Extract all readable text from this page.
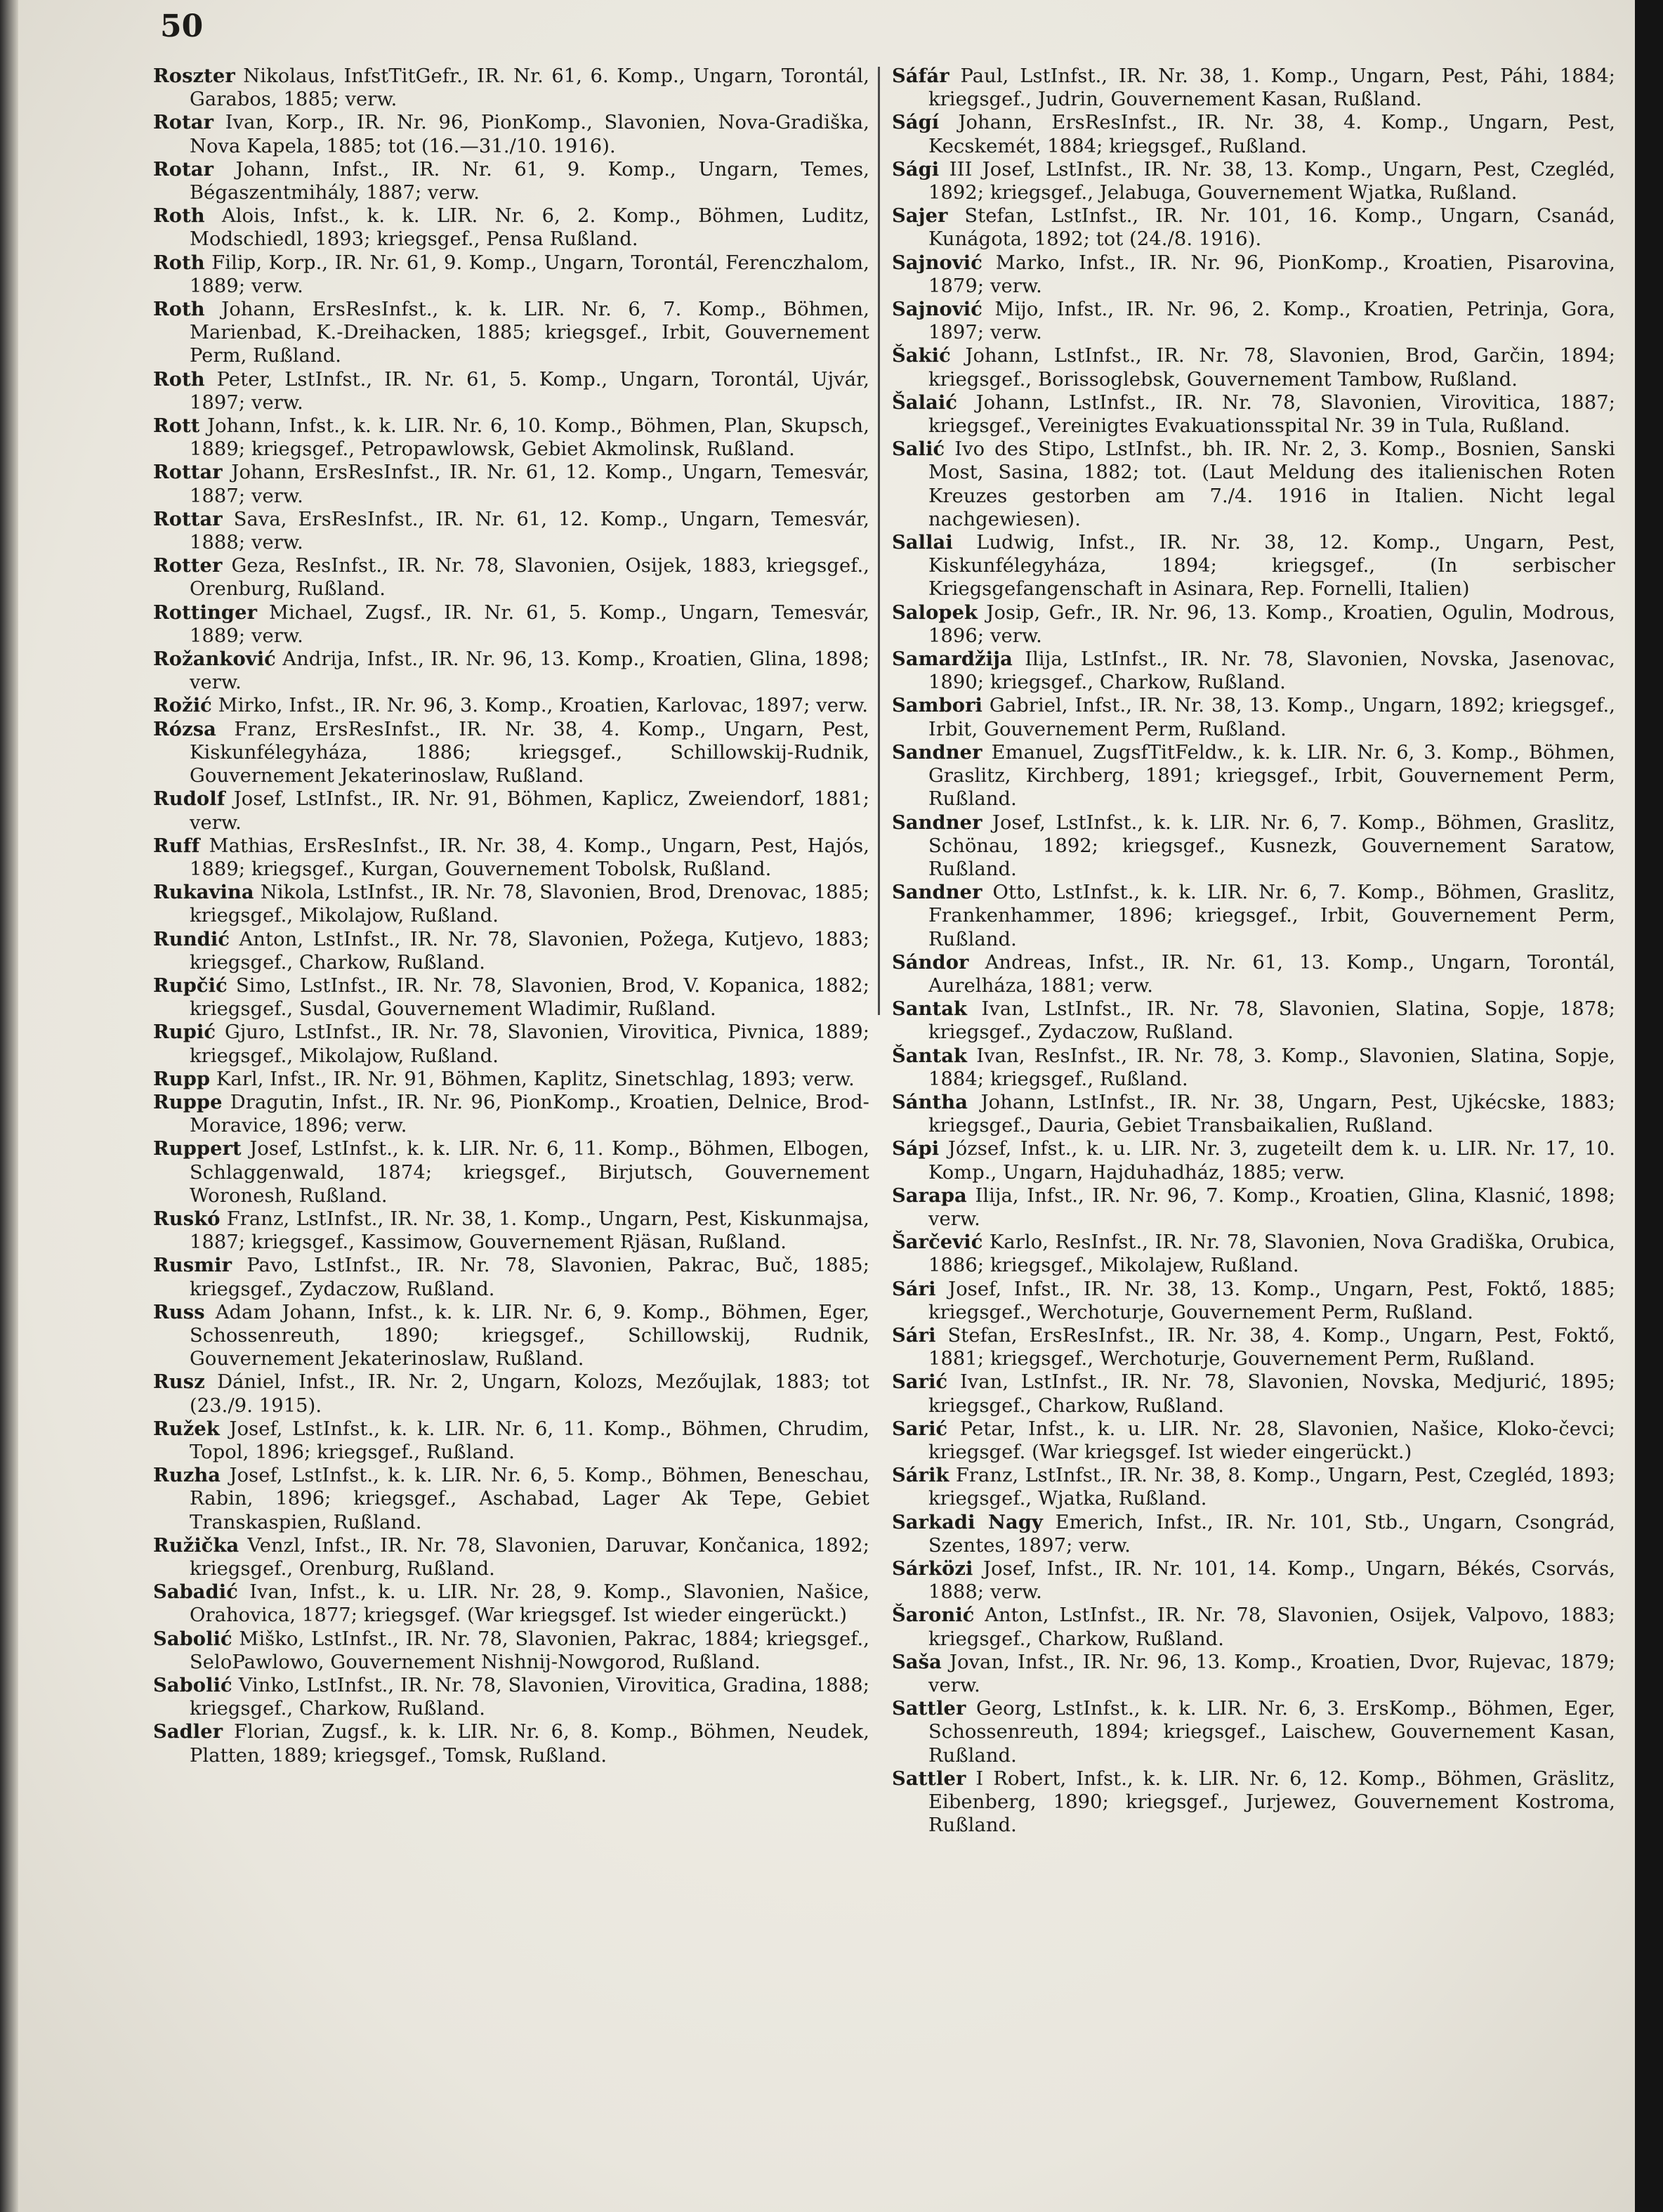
50

Roszter Nikolaus, InfstTitGefr., IR. Nr. 61, 6. Komp., Ungarn, Torontál, Garabos, 1885; verw.

Rotar Ivan, Korp., IR. Nr. 96, PionKomp., Slavonien, Nova-Gradiška, Nova Kapela, 1885; tot (16.—31./10. 1916).

Rotar Johann, Infst., IR. Nr. 61, 9. Komp., Ungarn, Temes, Bégaszentmihály, 1887; verw.

Roth Alois, Infst., k. k. LIR. Nr. 6, 2. Komp., Böhmen, Luditz, Modschiedl, 1893; kriegsgef., Pensa Rußland.

Roth Filip, Korp., IR. Nr. 61, 9. Komp., Ungarn, Torontál, Ferenczhalom, 1889; verw.

Roth Johann, ErsResInfst., k. k. LIR. Nr. 6, 7. Komp., Böhmen, Marienbad, K.-Dreihacken, 1885; kriegsgef., Irbit, Gouvernement Perm, Rußland.

Roth Peter, LstInfst., IR. Nr. 61, 5. Komp., Ungarn, Torontál, Ujvár, 1897; verw.

Rott Johann, Infst., k. k. LIR. Nr. 6, 10. Komp., Böhmen, Plan, Skupsch, 1889; kriegsgef., Petropawlowsk, Gebiet Akmolinsk, Rußland.

Rottar Johann, ErsResInfst., IR. Nr. 61, 12. Komp., Ungarn, Temesvár, 1887; verw.

Rottar Sava, ErsResInfst., IR. Nr. 61, 12. Komp., Ungarn, Temesvár, 1888; verw.

Rotter Geza, ResInfst., IR. Nr. 78, Slavonien, Osijek, 1883, kriegsgef., Orenburg, Rußland.

Rottinger Michael, Zugsf., IR. Nr. 61, 5. Komp., Ungarn, Temesvár, 1889; verw.

Rožanković Andrija, Infst., IR. Nr. 96, 13. Komp., Kroatien, Glina, 1898; verw.

Rožić Mirko, Infst., IR. Nr. 96, 3. Komp., Kroatien, Karlovac, 1897; verw.

Rózsa Franz, ErsResInfst., IR. Nr. 38, 4. Komp., Ungarn, Pest, Kiskunfélegyháza, 1886; kriegsgef., Schillowskij-Rudnik, Gouvernement Jekaterinoslaw, Rußland.

Rudolf Josef, LstInfst., IR. Nr. 91, Böhmen, Kaplicz, Zweiendorf, 1881; verw.

Ruff Mathias, ErsResInfst., IR. Nr. 38, 4. Komp., Ungarn, Pest, Hajós, 1889; kriegsgef., Kurgan, Gouvernement Tobolsk, Rußland.

Rukavina Nikola, LstInfst., IR. Nr. 78, Slavonien, Brod, Drenovac, 1885; kriegsgef., Mikolajow, Rußland.

Rundić Anton, LstInfst., IR. Nr. 78, Slavonien, Požega, Kutjevo, 1883; kriegsgef., Charkow, Rußland.

Rupčić Simo, LstInfst., IR. Nr. 78, Slavonien, Brod, V. Kopanica, 1882; kriegsgef., Susdal, Gouvernement Wladimir, Rußland.

Rupić Gjuro, LstInfst., IR. Nr. 78, Slavonien, Virovitica, Pivnica, 1889; kriegsgef., Mikolajow, Rußland.

Rupp Karl, Infst., IR. Nr. 91, Böhmen, Kaplitz, Sinetschlag, 1893; verw.

Ruppe Dragutin, Infst., IR. Nr. 96, PionKomp., Kroatien, Delnice, Brod-Moravice, 1896; verw.

Ruppert Josef, LstInfst., k. k. LIR. Nr. 6, 11. Komp., Böhmen, Elbogen, Schlaggenwald, 1874; kriegsgef., Birjutsch, Gouvernement Woronesh, Rußland.

Ruskó Franz, LstInfst., IR. Nr. 38, 1. Komp., Ungarn, Pest, Kiskunmajsa, 1887; kriegsgef., Kassimow, Gouvernement Rjäsan, Rußland.

Rusmir Pavo, LstInfst., IR. Nr. 78, Slavonien, Pakrac, Buč, 1885; kriegsgef., Zydaczow, Rußland.

Russ Adam Johann, Infst., k. k. LIR. Nr. 6, 9. Komp., Böhmen, Eger, Schossenreuth, 1890; kriegsgef., Schillowskij, Rudnik, Gouvernement Jekaterinoslaw, Rußland.

Rusz Dániel, Infst., IR. Nr. 2, Ungarn, Kolozs, Mezőujlak, 1883; tot (23./9. 1915).

Ružek Josef, LstInfst., k. k. LIR. Nr. 6, 11. Komp., Böhmen, Chrudim, Topol, 1896; kriegsgef., Rußland.

Ruzha Josef, LstInfst., k. k. LIR. Nr. 6, 5. Komp., Böhmen, Beneschau, Rabin, 1896; kriegsgef., Aschabad, Lager Ak Tepe, Gebiet Transkaspien, Rußland.

Ružička Venzl, Infst., IR. Nr. 78, Slavonien, Daruvar, Končanica, 1892; kriegsgef., Orenburg, Rußland.

Sabadić Ivan, Infst., k. u. LIR. Nr. 28, 9. Komp., Slavonien, Našice, Orahovica, 1877; kriegsgef. (War kriegsgef. Ist wieder eingerückt.)

Sabolić Miško, LstInfst., IR. Nr. 78, Slavonien, Pakrac, 1884; kriegsgef., SeloPawlowo, Gouvernement Nishnij-Nowgorod, Rußland.

Sabolić Vinko, LstInfst., IR. Nr. 78, Slavonien, Virovitica, Gradina, 1888; kriegsgef., Charkow, Rußland.

Sadler Florian, Zugsf., k. k. LIR. Nr. 6, 8. Komp., Böhmen, Neudek, Platten, 1889; kriegsgef., Tomsk, Rußland.

Sáfár Paul, LstInfst., IR. Nr. 38, 1. Komp., Ungarn, Pest, Páhi, 1884; kriegsgef., Judrin, Gouvernement Kasan, Rußland.

Ságí Johann, ErsResInfst., IR. Nr. 38, 4. Komp., Ungarn, Pest, Kecskemét, 1884; kriegsgef., Rußland.

Sági III Josef, LstInfst., IR. Nr. 38, 13. Komp., Ungarn, Pest, Czegléd, 1892; kriegsgef., Jelabuga, Gouvernement Wjatka, Rußland.

Sajer Stefan, LstInfst., IR. Nr. 101, 16. Komp., Ungarn, Csanád, Kunágota, 1892; tot (24./8. 1916).

Sajnović Marko, Infst., IR. Nr. 96, PionKomp., Kroatien, Pisarovina, 1879; verw.

Sajnović Mijo, Infst., IR. Nr. 96, 2. Komp., Kroatien, Petrinja, Gora, 1897; verw.

Šakić Johann, LstInfst., IR. Nr. 78, Slavonien, Brod, Garčin, 1894; kriegsgef., Borissoglebsk, Gouvernement Tambow, Rußland.

Šalaić Johann, LstInfst., IR. Nr. 78, Slavonien, Virovitica, 1887; kriegsgef., Vereinigtes Evakuationsspital Nr. 39 in Tula, Rußland.

Salić Ivo des Stipo, LstInfst., bh. IR. Nr. 2, 3. Komp., Bosnien, Sanski Most, Sasina, 1882; tot. (Laut Meldung des italienischen Roten Kreuzes gestorben am 7./4. 1916 in Italien. Nicht legal nachgewiesen).

Sallai Ludwig, Infst., IR. Nr. 38, 12. Komp., Ungarn, Pest, Kiskunfélegyháza, 1894; kriegsgef., (In serbischer Kriegsgefangenschaft in Asinara, Rep. Fornelli, Italien)

Salopek Josip, Gefr., IR. Nr. 96, 13. Komp., Kroatien, Ogulin, Modrous, 1896; verw.

Samardžija Ilija, LstInfst., IR. Nr. 78, Slavonien, Novska, Jasenovac, 1890; kriegsgef., Charkow, Rußland.

Sambori Gabriel, Infst., IR. Nr. 38, 13. Komp., Ungarn, 1892; kriegsgef., Irbit, Gouvernement Perm, Rußland.

Sandner Emanuel, ZugsfTitFeldw., k. k. LIR. Nr. 6, 3. Komp., Böhmen, Graslitz, Kirchberg, 1891; kriegsgef., Irbit, Gouvernement Perm, Rußland.

Sandner Josef, LstInfst., k. k. LIR. Nr. 6, 7. Komp., Böhmen, Graslitz, Schönau, 1892; kriegsgef., Kusnezk, Gouvernement Saratow, Rußland.

Sandner Otto, LstInfst., k. k. LIR. Nr. 6, 7. Komp., Böhmen, Graslitz, Frankenhammer, 1896; kriegsgef., Irbit, Gouvernement Perm, Rußland.

Sándor Andreas, Infst., IR. Nr. 61, 13. Komp., Ungarn, Torontál, Aurelháza, 1881; verw.

Santak Ivan, LstInfst., IR. Nr. 78, Slavonien, Slatina, Sopje, 1878; kriegsgef., Zydaczow, Rußland.

Šantak Ivan, ResInfst., IR. Nr. 78, 3. Komp., Slavonien, Slatina, Sopje, 1884; kriegsgef., Rußland.

Sántha Johann, LstInfst., IR. Nr. 38, Ungarn, Pest, Ujkécske, 1883; kriegsgef., Dauria, Gebiet Transbaikalien, Rußland.

Sápi József, Infst., k. u. LIR. Nr. 3, zugeteilt dem k. u. LIR. Nr. 17, 10. Komp., Ungarn, Hajduhadház, 1885; verw.

Sarapa Ilija, Infst., IR. Nr. 96, 7. Komp., Kroatien, Glina, Klasnić, 1898; verw.

Šarčević Karlo, ResInfst., IR. Nr. 78, Slavonien, Nova Gradiška, Orubica, 1886; kriegsgef., Mikolajew, Rußland.

Sári Josef, Infst., IR. Nr. 38, 13. Komp., Ungarn, Pest, Foktő, 1885; kriegsgef., Werchoturje, Gouvernement Perm, Rußland.

Sári Stefan, ErsResInfst., IR. Nr. 38, 4. Komp., Ungarn, Pest, Foktő, 1881; kriegsgef., Werchoturje, Gouvernement Perm, Rußland.

Sarić Ivan, LstInfst., IR. Nr. 78, Slavonien, Novska, Medjurić, 1895; kriegsgef., Charkow, Rußland.

Sarić Petar, Infst., k. u. LIR. Nr. 28, Slavonien, Našice, Kloko-čevci; kriegsgef. (War kriegsgef. Ist wieder eingerückt.)

Sárik Franz, LstInfst., IR. Nr. 38, 8. Komp., Ungarn, Pest, Czegléd, 1893; kriegsgef., Wjatka, Rußland.

Sarkadi Nagy Emerich, Infst., IR. Nr. 101, Stb., Ungarn, Csongrád, Szentes, 1897; verw.

Sárközi Josef, Infst., IR. Nr. 101, 14. Komp., Ungarn, Békés, Csorvás, 1888; verw.

Šaronić Anton, LstInfst., IR. Nr. 78, Slavonien, Osijek, Valpovo, 1883; kriegsgef., Charkow, Rußland.

Saša Jovan, Infst., IR. Nr. 96, 13. Komp., Kroatien, Dvor, Rujevac, 1879; verw.

Sattler Georg, LstInfst., k. k. LIR. Nr. 6, 3. ErsKomp., Böhmen, Eger, Schossenreuth, 1894; kriegsgef., Laischew, Gouvernement Kasan, Rußland.

Sattler I Robert, Infst., k. k. LIR. Nr. 6, 12. Komp., Böhmen, Gräslitz, Eibenberg, 1890; kriegsgef., Jurjewez, Gouvernement Kostroma, Rußland.
